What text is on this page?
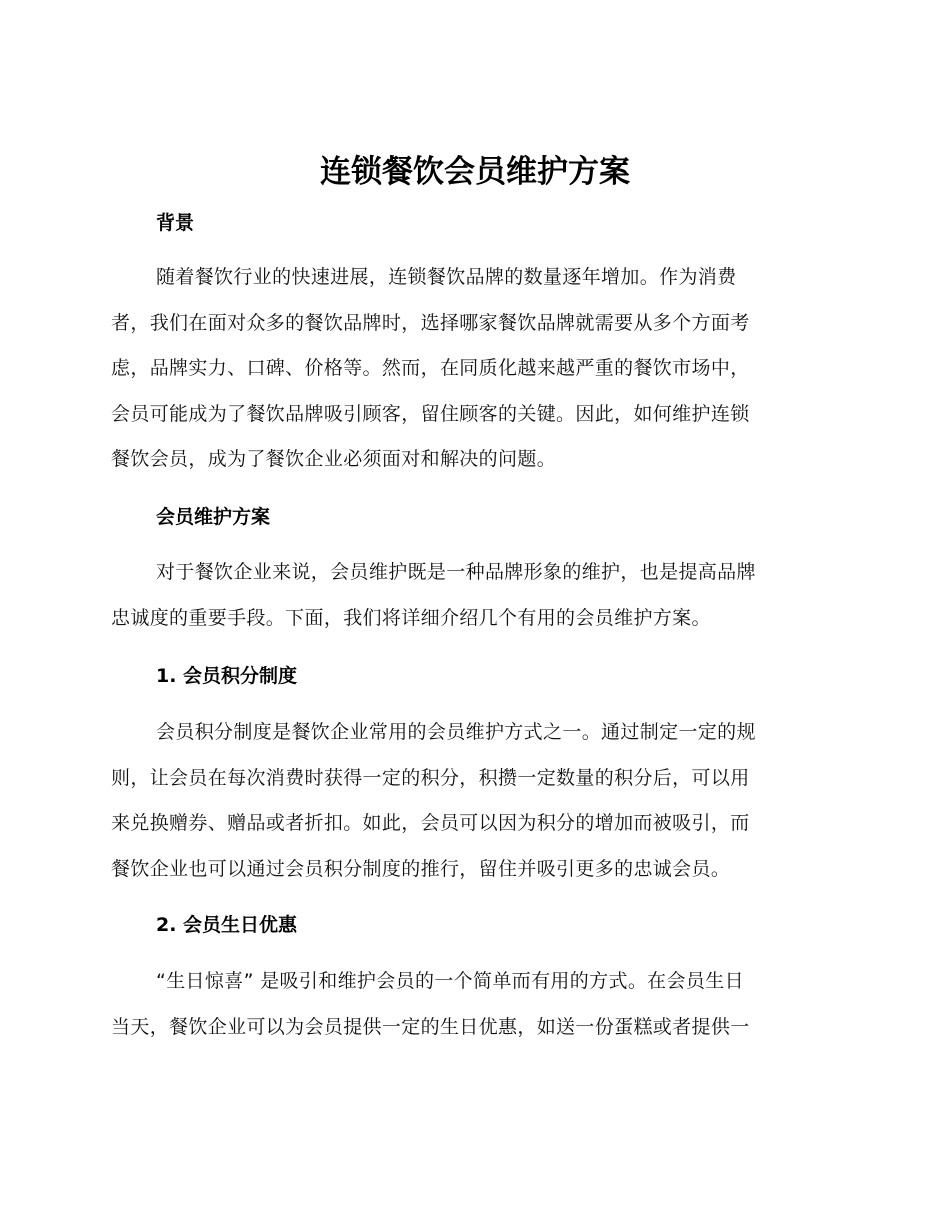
连锁餐饮会员维护方案
背景
随着餐饮行业的快速进展，连锁餐饮品牌的数量逐年增加。作为消费
者，我们在面对众多的餐饮品牌时，选择哪家餐饮品牌就需要从多个方面考
虑，品牌实力、口碑、价格等。然而，在同质化越来越严重的餐饮市场中，
会员可能成为了餐饮品牌吸引顾客，留住顾客的关键。因此，如何维护连锁
餐饮会员，成为了餐饮企业必须面对和解决的问题。
会员维护方案
对于餐饮企业来说，会员维护既是一种品牌形象的维护，也是提高品牌
忠诚度的重要手段。下面，我们将详细介绍几个有用的会员维护方案。
1. 会员积分制度
会员积分制度是餐饮企业常用的会员维护方式之一。通过制定一定的规
则，让会员在每次消费时获得一定的积分，积攒一定数量的积分后，可以用
来兑换赠券、赠品或者折扣。如此，会员可以因为积分的增加而被吸引，而
餐饮企业也可以通过会员积分制度的推行，留住并吸引更多的忠诚会员。
2. 会员生日优惠
“生日惊喜” 是吸引和维护会员的一个简单而有用的方式。在会员生日
当天，餐饮企业可以为会员提供一定的生日优惠，如送一份蛋糕或者提供一
